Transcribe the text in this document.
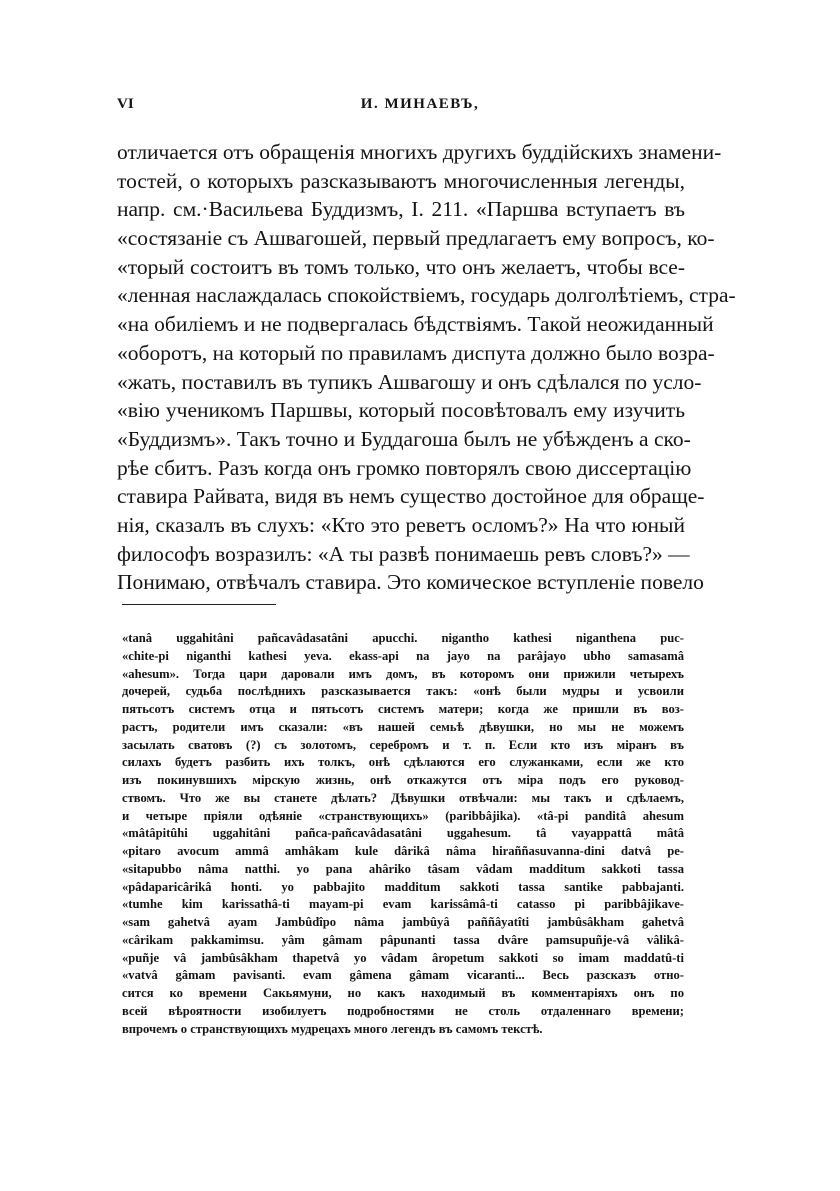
VI	И. МИНАЕВЪ,
отличается отъ обращенія многихъ другихъ буддійскихъ знамени-
тостей, о которыхъ разсказываютъ многочисленныя легенды,
напр. см.·Васильева Буддизмъ, I. 211. «Паршва вступаетъ въ
«состязаніе съ Ашвагошей, первый предлагаетъ ему вопросъ, ко-
«торый состоитъ въ томъ только, что онъ желаетъ, чтобы все-
«ленная наслаждалась спокойствіемъ, государь долголѣтіемъ, стра-
«на обиліемъ и не подвергалась бѣдствіямъ. Такой неожиданный
«оборотъ, на который по правиламъ диспута должно было возра-
«жать, поставилъ въ тупикъ Ашвагошу и онъ сдѣлался по усло-
«вію ученикомъ Паршвы, который посовѣтовалъ ему изучить
«Буддизмъ». Такъ точно и Буддагоша былъ не убѣжденъ а ско-
рѣе сбитъ. Разъ когда онъ громко повторялъ свою диссертацію
ставира Райвата, видя въ немъ существо достойное для обраще-
нія, сказалъ въ слухъ: «Кто это реветъ осломъ?» На что юный
философъ возразилъ: «А ты развѣ понимаешь ревъ словъ?» —
Понимаю, отвѣчалъ ставира. Это комическое вступленіе повело
«tanâ uggahitâni pañcavâdasatâni apucchi. nigantho kathesi niganthena puc-
«chite-pi niganthi kathesi yeva. ekass-api na jayo na parâjayo ubho samasamâ
«ahesum». Тогда цари даровали имъ домъ, въ которомъ они прижили четырехъ
дочерей, судьба послѣднихъ разсказывается такъ: «онѣ были мудры и усвоили
пятьсотъ системъ отца и пятьсотъ системъ матери; когда же пришли въ воз-
растъ, родители имъ сказали: «въ нашей семьѣ дѣвушки, но мы не можемъ
засылать сватовъ (?) съ золотомъ, серебромъ и т. п. Если кто изъ міранъ въ
силахъ будетъ разбить ихъ толкъ, онѣ сдѣлаются его служанками, если же кто
изъ покинувшихъ мірскую жизнь, онѣ откажутся отъ міра подъ его руковод-
ствомъ. Что же вы станете дѣлать? Дѣвушки отвѣчали: мы такъ и сдѣлаемъ,
и четыре пріяли одѣяніе «странствующихъ» (paribbâjika). «tâ-pi panditâ ahesum
«mâtâpitûhi uggahitâni pañca-pañcavâdasatâni uggahesum. tâ vayappattâ mâtâ
«pitaro avocum ammâ amhâkam kule dârikâ nâma hiraññasuvanna-dini datvâ pe-
«sitapubbo nâma natthi. yo pana ahâriko tâsam vâdam madditum sakkoti tassa
«pâdaparicârikâ honti. yo pabbajito madditum sakkoti tassa santike pabbajanti.
«tumhe kim karissathâ-ti mayam-pi evam karissâmâ-ti catasso pi paribbâjikave-
«sam gahetvâ ayam Jambûdîpo nâma jambûyâ paññâyatîti jambûsâkham gahetvâ
«cârikam pakkamimsu. yâm gâmam pâpunanti tassa dvâre pamsupuñje-vâ vâlikâ-
«puñje vâ jambûsâkham thapetvâ yo vâdam âropetum sakkoti so imam maddatû-ti
«vatvâ gâmam pavisanti. evam gâmena gâmam vicaranti... Весь разсказъ отно-
сится ко времени Сакьямуни, но какъ находимый въ комментаріяхъ онъ по
всей вѣроятности изобилуетъ подробностями не столь отдаленнаго времени;
впрочемъ о странствующихъ мудрецахъ много легендъ въ самомъ текстѣ.
